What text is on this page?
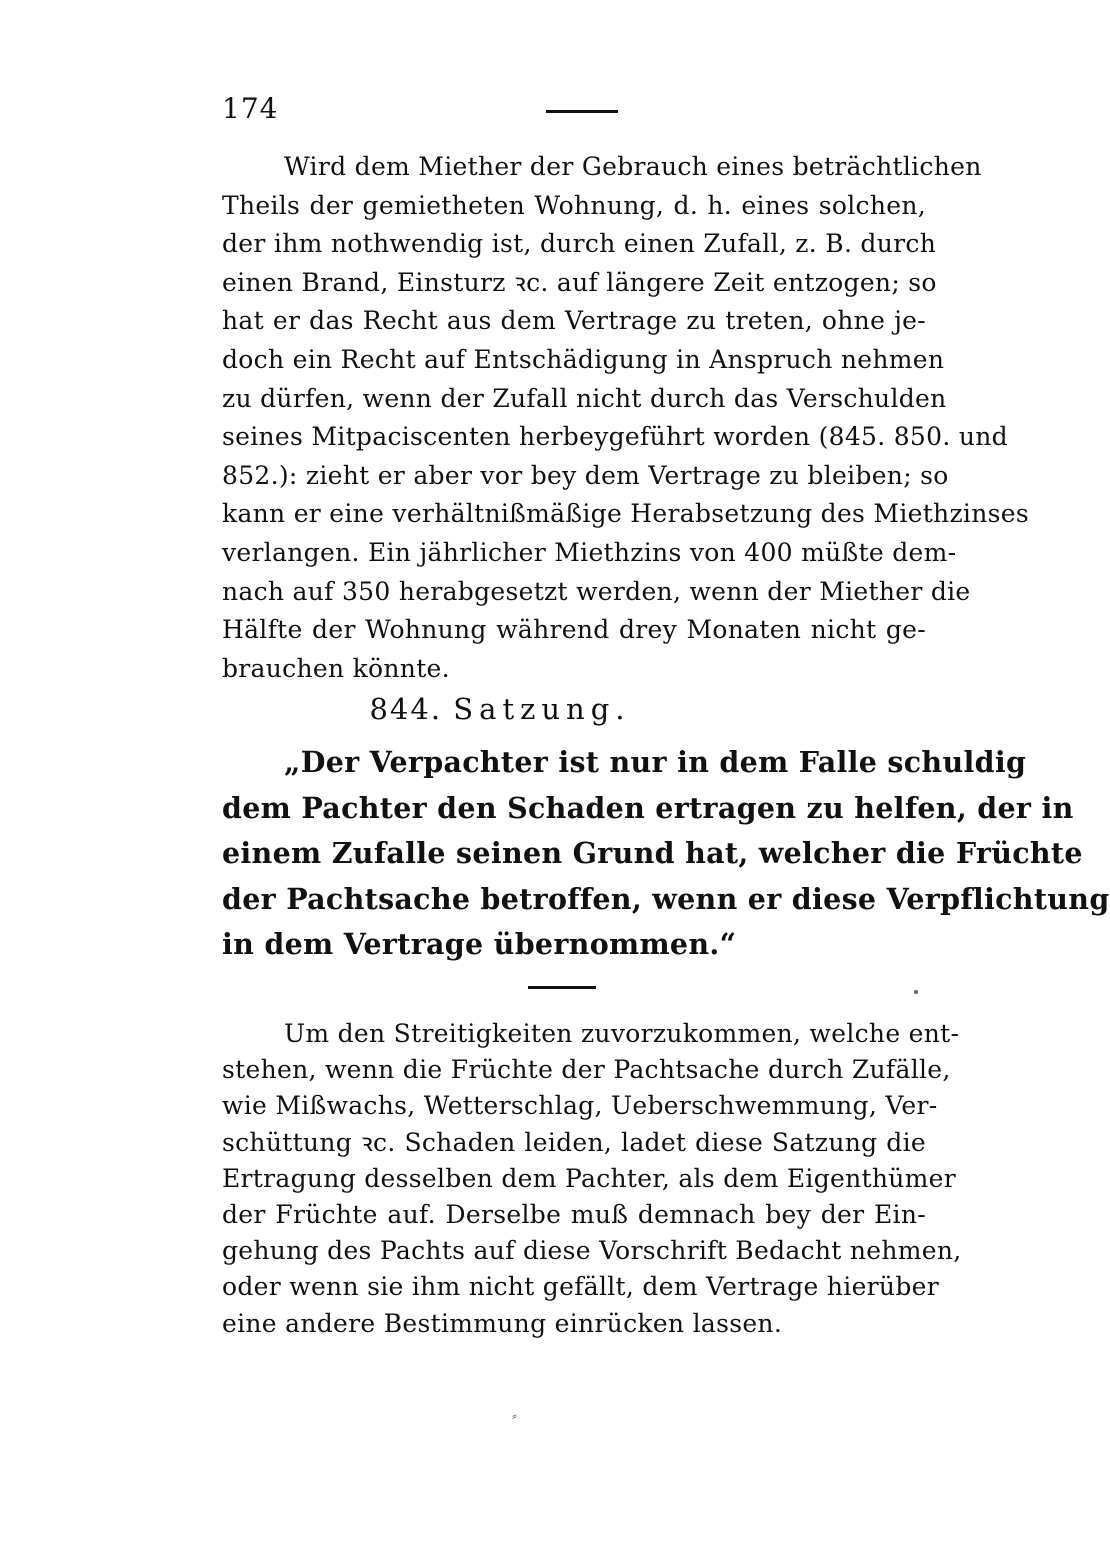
174
Wird dem Miether der Gebrauch eines beträchtlichen
Theils der gemietheten Wohnung, d. h. eines solchen,
der ihm nothwendig ist, durch einen Zufall, z. B. durch
einen Brand, Einsturz ꝛc. auf längere Zeit entzogen; so
hat er das Recht aus dem Vertrage zu treten, ohne je-
doch ein Recht auf Entschädigung in Anspruch nehmen
zu dürfen, wenn der Zufall nicht durch das Verschulden
seines Mitpaciscenten herbeygeführt worden (845. 850. und
852.): zieht er aber vor bey dem Vertrage zu bleiben; so
kann er eine verhältnißmäßige Herabsetzung des Miethzinses
verlangen. Ein jährlicher Miethzins von 400 müßte dem-
nach auf 350 herabgesetzt werden, wenn der Miether die
Hälfte der Wohnung während drey Monaten nicht ge-
brauchen könnte.
844. Satzung.
„Der Verpachter ist nur in dem Falle schuldig
dem Pachter den Schaden ertragen zu helfen, der in
einem Zufalle seinen Grund hat, welcher die Früchte
der Pachtsache betroffen, wenn er diese Verpflichtung
in dem Vertrage übernommen.“
Um den Streitigkeiten zuvorzukommen, welche ent-
stehen, wenn die Früchte der Pachtsache durch Zufälle,
wie Mißwachs, Wetterschlag, Ueberschwemmung, Ver-
schüttung ꝛc. Schaden leiden, ladet diese Satzung die
Ertragung desselben dem Pachter, als dem Eigenthümer
der Früchte auf. Derselbe muß demnach bey der Ein-
gehung des Pachts auf diese Vorschrift Bedacht nehmen,
oder wenn sie ihm nicht gefällt, dem Vertrage hierüber
eine andere Bestimmung einrücken lassen.
⸗
